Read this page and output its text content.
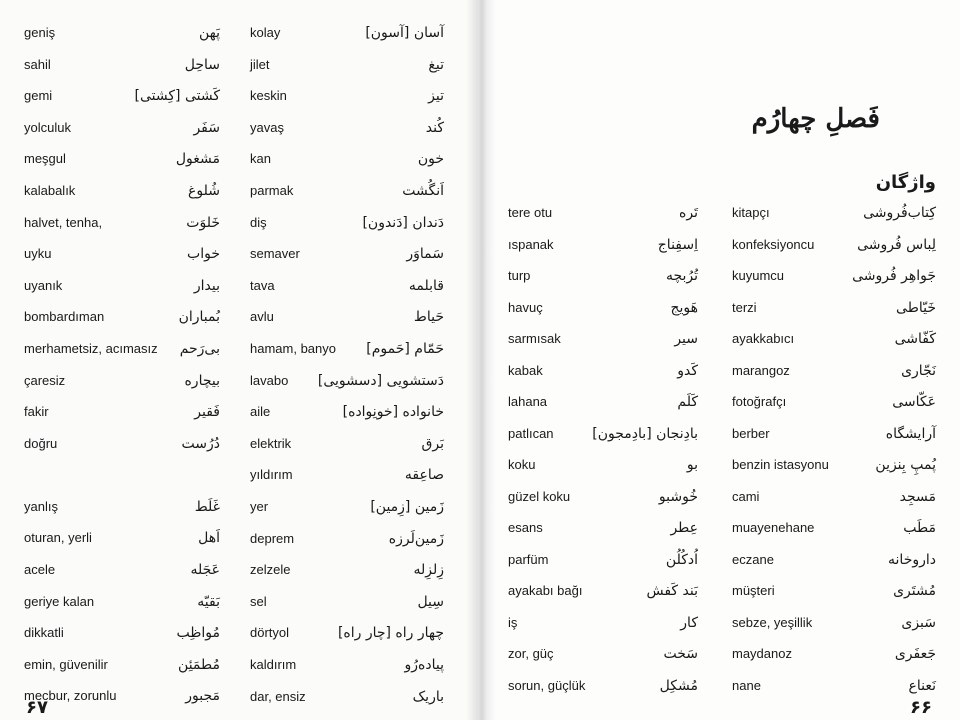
geniş	پَهن
sahil	ساحِل
gemi	کَشتی [کِشتی]
yolculuk	سَفَر
meşgul	مَشغول
kalabalık	شُلوغ
halvet, tenha,	خَلوَت
uyku	خواب
uyanık	بیدار
bombardıman	بُمباران
merhametsiz, acımasız بی‌رَحم
çaresiz	بیچاره
fakir	فَقیر
doğru	دُرُست
yanlış	غَلَط
oturan, yerli	اَهل
acele	عَجَله
geriye kalan	بَقیّه
dikkatli	مُواظِب
emin, güvenilir	مُطمَئِن
mecbur, zorunlu	مَجبور
kolay	آسان [آسون]
jilet	تیغ
keskin	تیز
yavaş	کُند
kan	خون
parmak	اَنگُشت
diş	دَندان [دَندون]
semaver	سَماوَر
tava	قابلمه
avlu	حَیاط
hamam, banyo حَمّام [حَموم]
lavabo دَستشویی [دسشویی]
aile	خانواده [خونِواده]
elektrik	بَرق
yıldırım	صاعِقه
yer	زَمین [زِمین]
deprem	زَمین‌لَرزه
zelzele	زِلزِله
sel	سِیل
dörtyol	چهار راه [چار راه]
kaldırım	پیاده‌رُو
dar, ensiz	باریک
۶۷
فَصلِ چهارُم
واژگان
tere otu	تَره
ıspanak	اِسفِناج
turp	تُرُبچه
havuç	هَویج
sarmısak	سیر
kabak	کَدو
lahana	کَلَم
patlıcan	بادِنجان [بادِمجون]
koku	بو
güzel koku	خُوشبو
esans	عِطر
parfüm	اُدکُلُن
ayakabı bağı	بَند کَفش
iş	کار
zor, güç	سَخت
sorun, güçlük	مُشکِل
kitapçı	کِتاب‌فُروشی
konfeksiyoncu	لِباس فُروشی
kuyumcu	جَواهِر فُروشی
terzi	خَیّاطی
ayakkabıcı	کَفّاشی
marangoz	نَجّاری
fotoğrafçı	عَکّاسی
berber	آرایشگاه
benzin istasyonu	پُمپِ بِنزین
cami	مَسجِد
muayenehane	مَطَب
eczane	داروخانه
müşteri	مُشتَری
sebze, yeşillik	سَبزی
maydanoz	جَعفَری
nane	نَعناع
۶۶
